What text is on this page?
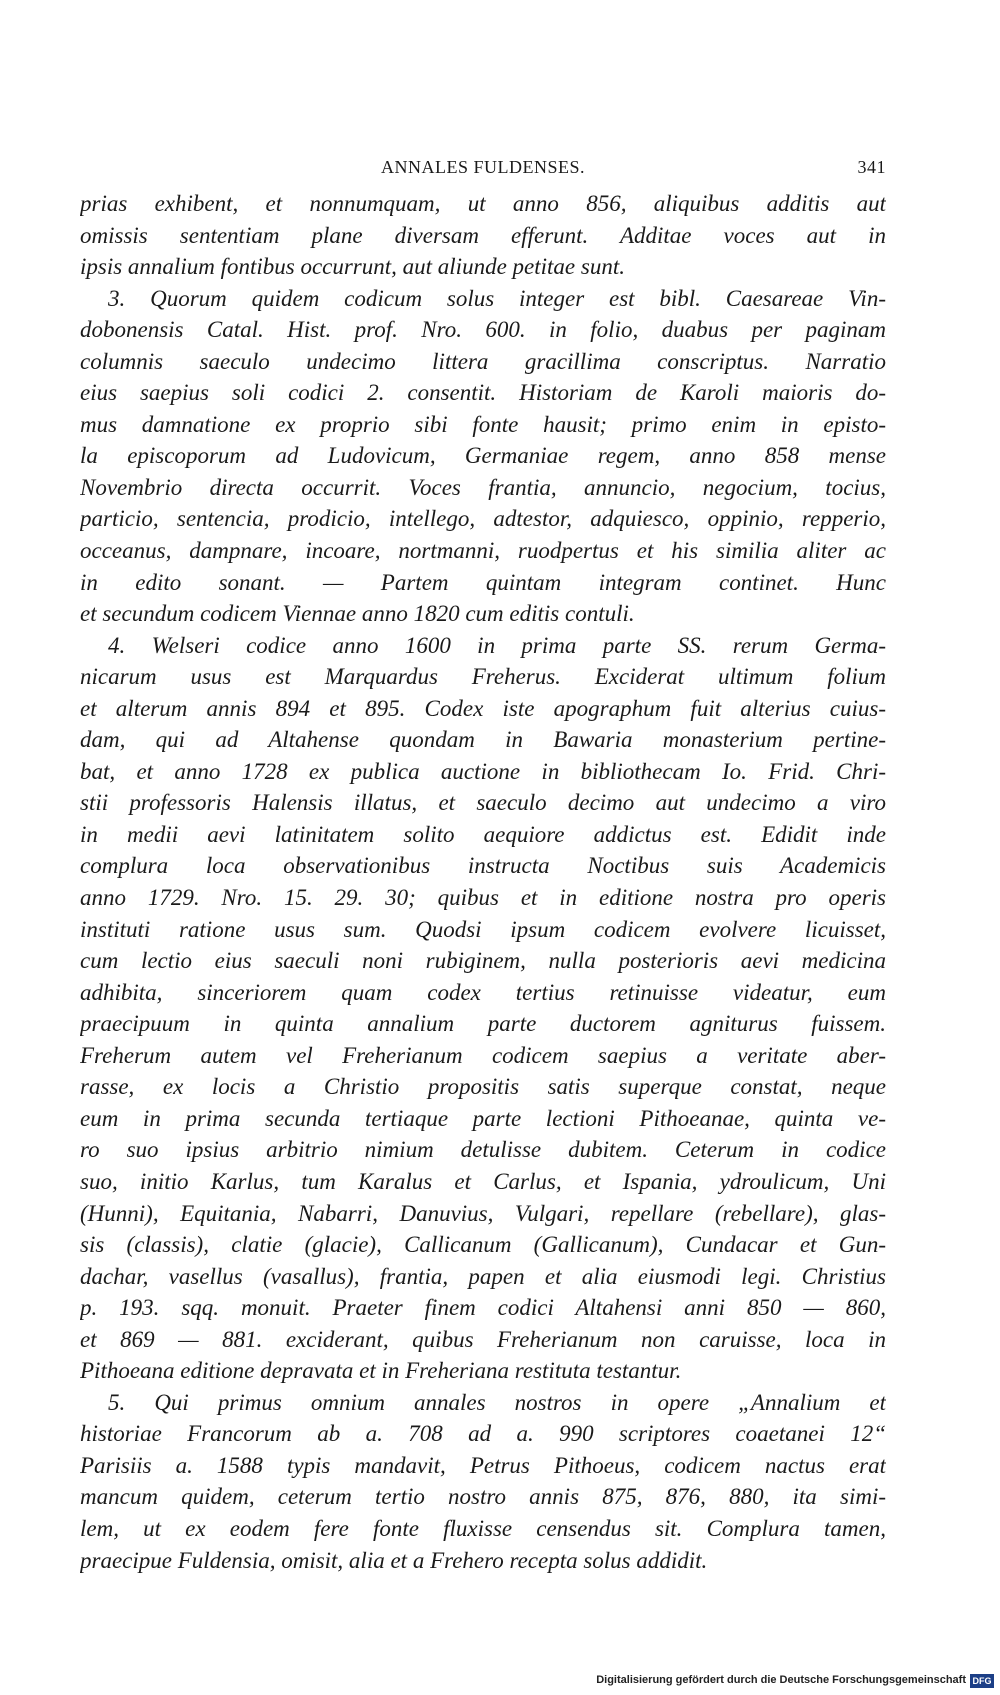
ANNALES FULDENSES.	341
prias exhibent, et nonnumquam, ut anno 856, aliquibus additis aut
omissis sententiam plane diversam efferunt. Additae voces aut in
ipsis annalium fontibus occurrunt, aut aliunde petitae sunt.
3. Quorum quidem codicum solus integer est bibl. Caesareae Vin-
dobonensis Catal. Hist. prof. Nro. 600. in folio, duabus per paginam
columnis saeculo undecimo littera gracillima conscriptus. Narratio
eius saepius soli codici 2. consentit. Historiam de Karoli maioris do-
mus damnatione ex proprio sibi fonte hausit; primo enim in episto-
la episcoporum ad Ludovicum, Germaniae regem, anno 858 mense
Novembrio directa occurrit. Voces frantia, annuncio, negocium, tocius,
particio, sentencia, prodicio, intellego, adtestor, adquiesco, oppinio, repperio,
occeanus, dampnare, incoare, nortmanni, ruodpertus et his similia aliter ac
in edito sonant. — Partem quintam integram continet. Hunc
et secundum codicem Viennae anno 1820 cum editis contuli.
4. Welseri codice anno 1600 in prima parte SS. rerum Germa-
nicarum usus est Marquardus Freherus. Exciderat ultimum folium
et alterum annis 894 et 895. Codex iste apographum fuit alterius cuius-
dam, qui ad Altahense quondam in Bawaria monasterium pertine-
bat, et anno 1728 ex publica auctione in bibliothecam Io. Frid. Chri-
stii professoris Halensis illatus, et saeculo decimo aut undecimo a viro
in medii aevi latinitatem solito aequiore addictus est. Edidit inde
complura loca observationibus instructa Noctibus suis Academicis
anno 1729. Nro. 15. 29. 30; quibus et in editione nostra pro operis
instituti ratione usus sum. Quodsi ipsum codicem evolvere licuisset,
cum lectio eius saeculi noni rubiginem, nulla posterioris aevi medicina
adhibita, sinceriorem quam codex tertius retinuisse videatur, eum
praecipuum in quinta annalium parte ductorem agniturus fuissem.
Freherum autem vel Freherianum codicem saepius a veritate aber-
rasse, ex locis a Christio propositis satis superque constat, neque
eum in prima secunda tertiaque parte lectioni Pithoeanae, quinta ve-
ro suo ipsius arbitrio nimium detulisse dubitem. Ceterum in codice
suo, initio Karlus, tum Karalus et Carlus, et Ispania, ydroulicum, Uni
(Hunni), Equitania, Nabarri, Danuvius, Vulgari, repellare (rebellare), glas-
sis (classis), clatie (glacie), Callicanum (Gallicanum), Cundacar et Gun-
dachar, vasellus (vasallus), frantia, papen et alia eiusmodi legi. Christius
p. 193. sqq. monuit. Praeter finem codici Altahensi anni 850 — 860,
et 869 — 881. exciderant, quibus Freherianum non caruisse, loca in
Pithoeana editione depravata et in Freheriana restituta testantur.
5. Qui primus omnium annales nostros in opere „Annalium et
historiae Francorum ab a. 708 ad a. 990 scriptores coaetanei 12“
Parisiis a. 1588 typis mandavit, Petrus Pithoeus, codicem nactus erat
mancum quidem, ceterum tertio nostro annis 875, 876, 880, ita simi-
lem, ut ex eodem fere fonte fluxisse censendus sit. Complura tamen,
praecipue Fuldensia, omisit, alia et a Frehero recepta solus addidit.
Digitalisierung gefördert durch die Deutsche Forschungsgemeinschaft DFG
